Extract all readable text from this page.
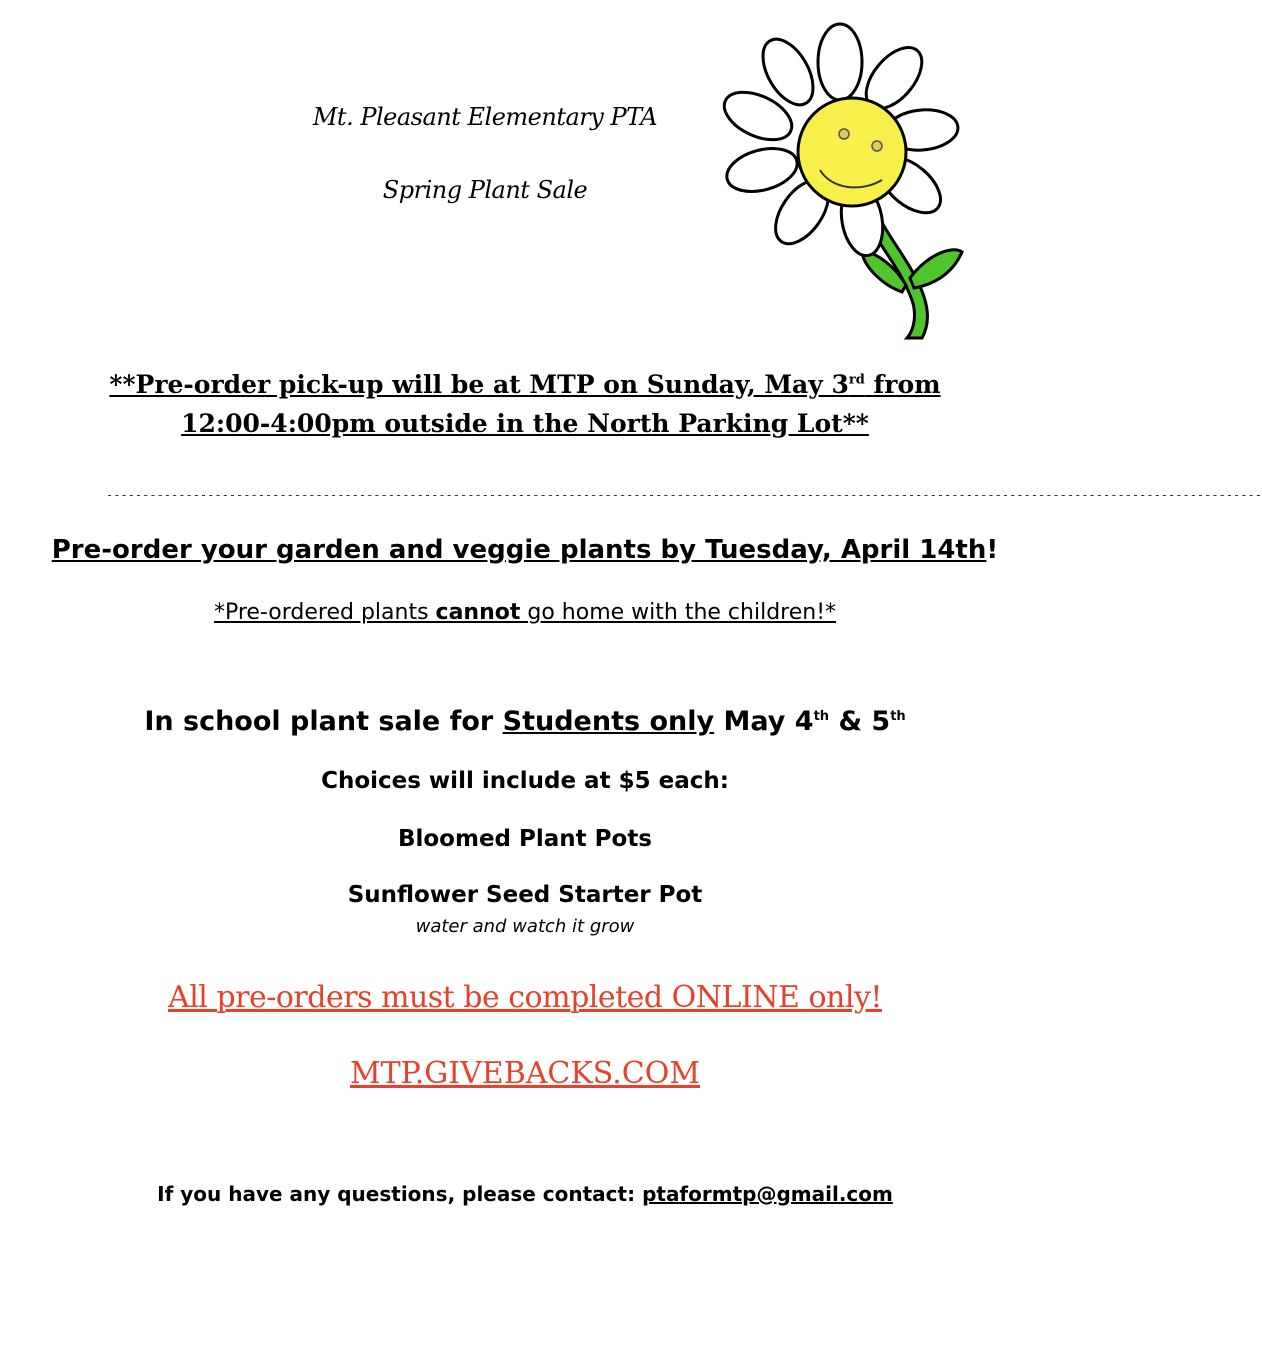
Mt. Pleasant Elementary PTA
Spring Plant Sale
**Pre-order pick-up will be at MTP on Sunday, May 3rd from
12:00-4:00pm outside in the North Parking Lot**
----------------------------------------------------------------------------------------------------------------------------------------------------------------
Pre-order your garden and veggie plants by Tuesday, April 14th!
*Pre-ordered plants cannot go home with the children!*
In school plant sale for Students only May 4th & 5th
Choices will include at $5 each:
Bloomed Plant Pots
Sunflower Seed Starter Pot
water and watch it grow
All pre-orders must be completed ONLINE only!
MTP.GIVEBACKS.COM
If you have any questions, please contact: ptaformtp@gmail.com
